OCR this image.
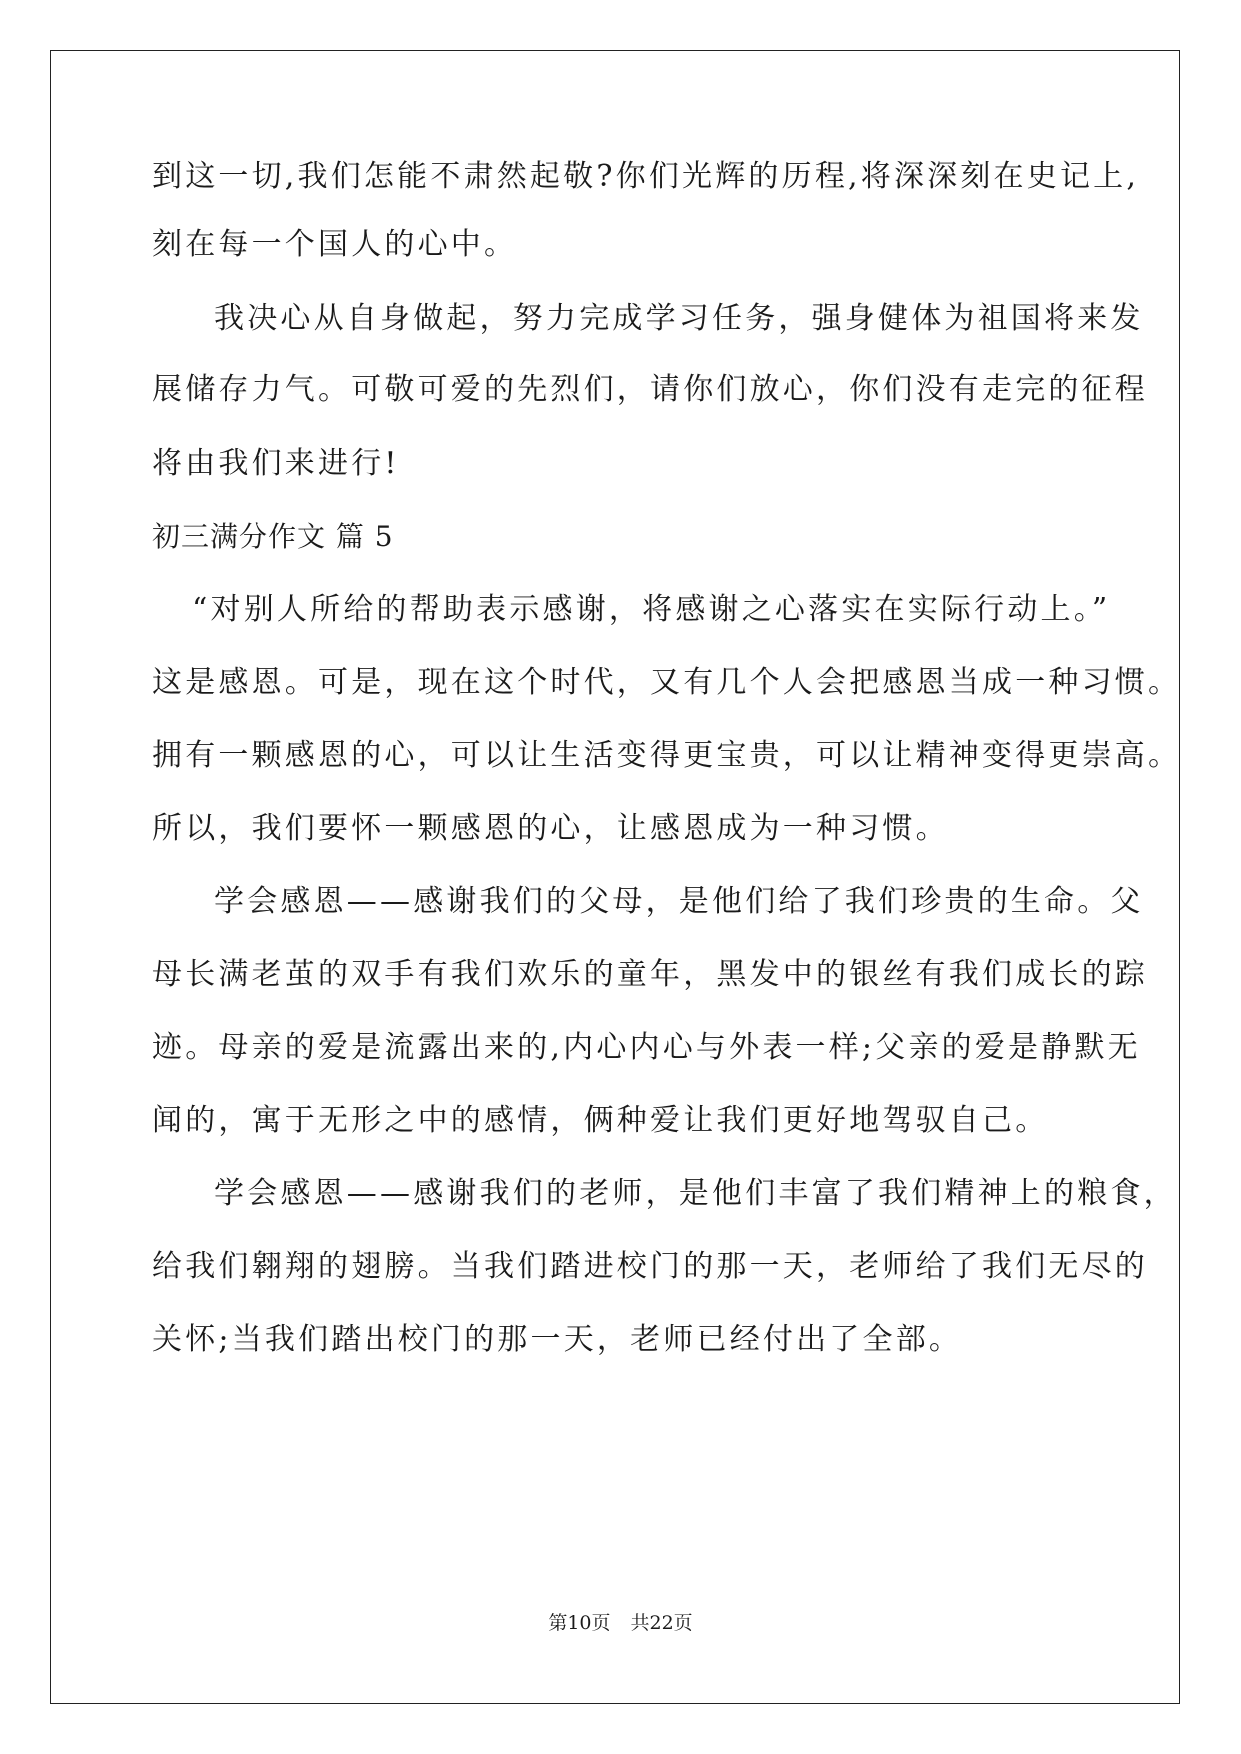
到这一切,我们怎能不肃然起敬?你们光辉的历程,将深深刻在史记上,
刻在每一个国人的心中。
我决心从自身做起，努力完成学习任务，强身健体为祖国将来发
展储存力气。可敬可爱的先烈们，请你们放心，你们没有走完的征程
将由我们来进行!
初三满分作文 篇 5
“对别人所给的帮助表示感谢，将感谢之心落实在实际行动上。”
这是感恩。可是，现在这个时代，又有几个人会把感恩当成一种习惯。
拥有一颗感恩的心，可以让生活变得更宝贵，可以让精神变得更崇高。
所以，我们要怀一颗感恩的心，让感恩成为一种习惯。
学会感恩——感谢我们的父母，是他们给了我们珍贵的生命。父
母长满老茧的双手有我们欢乐的童年，黑发中的银丝有我们成长的踪
迹。母亲的爱是流露出来的,内心内心与外表一样;父亲的爱是静默无
闻的，寓于无形之中的感情，俩种爱让我们更好地驾驭自己。
学会感恩——感谢我们的老师，是他们丰富了我们精神上的粮食，
给我们翱翔的翅膀。当我们踏进校门的那一天，老师给了我们无尽的
关怀;当我们踏出校门的那一天，老师已经付出了全部。
第10页 共22页
